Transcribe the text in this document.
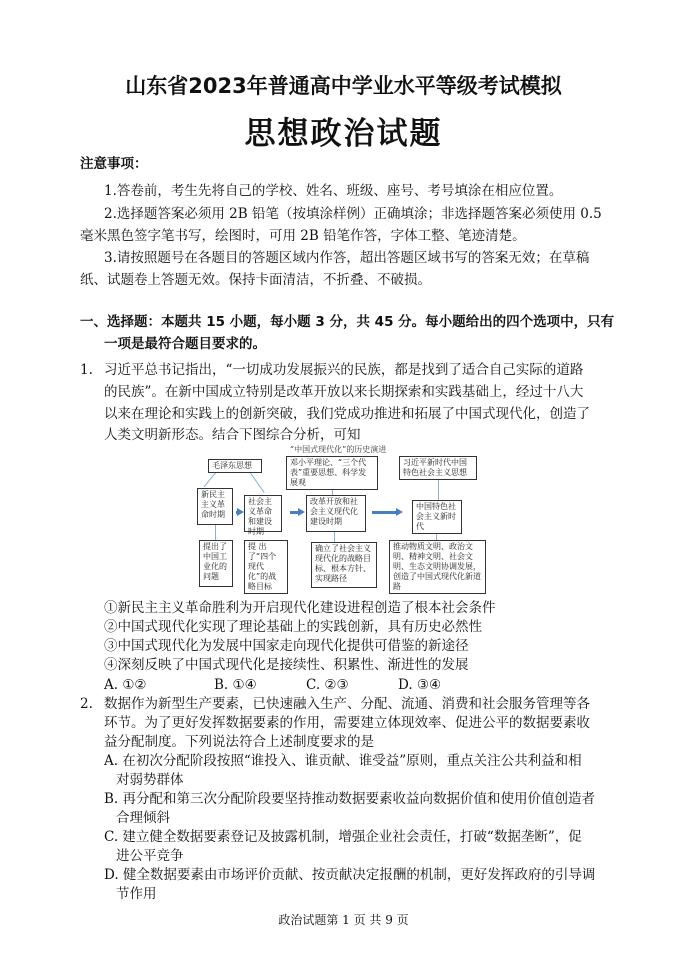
山东省2023年普通高中学业水平等级考试模拟
思想政治试题
注意事项：
1.答卷前，考生先将自己的学校、姓名、班级、座号、考号填涂在相应位置。
2.选择题答案必须用 2B 铅笔（按填涂样例）正确填涂；非选择题答案必须使用 0.5
毫米黑色签字笔书写，绘图时，可用 2B 铅笔作答，字体工整、笔迹清楚。
3.请按照题号在各题目的答题区域内作答，超出答题区域书写的答案无效；在草稿
纸、试题卷上答题无效。保持卡面清洁，不折叠、不破损。
一、选择题：本题共 15 小题，每小题 3 分，共 45 分。每小题给出的四个选项中，只有
一项是最符合题目要求的。
1. 习近平总书记指出，“一切成功发展振兴的民族，都是找到了适合自己实际的道路
的民族”。在新中国成立特别是改革开放以来长期探索和实践基础上，经过十八大
以来在理论和实践上的创新突破，我们党成功推进和拓展了中国式现代化，创造了
人类文明新形态。结合下图综合分析，可知
“中国式现代化”的历史演进
毛泽东思想	邓小平理论、“三个代表”重要思想、科学发展观
习近平新时代中国特色社会主义思想
新民主主义革命时期
社会主义革命和建设时期
改革开放和社会主义现代化建设时期
中国特色社会主义新时代
提出了中国工业化的问题
提 出 了“四个现代化”的战略目标
确立了社会主义现代化的战略目标、根本方针、实现路径
推动物质文明、政治文明、精神文明、社会文明、生态文明协调发展，创造了中国式现代化新道路
①新民主主义革命胜利为开启现代化建设进程创造了根本社会条件
②中国式现代化实现了理论基础上的实践创新，具有历史必然性
③中国式现代化为发展中国家走向现代化提供可借鉴的新途径
④深刻反映了中国式现代化是接续性、积累性、渐进性的发展
A. ①②	B. ①④	C. ②③	D. ③④
2. 数据作为新型生产要素，已快速融入生产、分配、流通、消费和社会服务管理等各
环节。为了更好发挥数据要素的作用，需要建立体现效率、促进公平的数据要素收
益分配制度。下列说法符合上述制度要求的是
A. 在初次分配阶段按照“谁投入、谁贡献、谁受益”原则，重点关注公共利益和相
对弱势群体
B. 再分配和第三次分配阶段要坚持推动数据要素收益向数据价值和使用价值创造者
合理倾斜
C. 建立健全数据要素登记及披露机制，增强企业社会责任，打破“数据垄断”，促
进公平竞争
D. 健全数据要素由市场评价贡献、按贡献决定报酬的机制，更好发挥政府的引导调
节作用
政治试题第 1 页 共 9 页
